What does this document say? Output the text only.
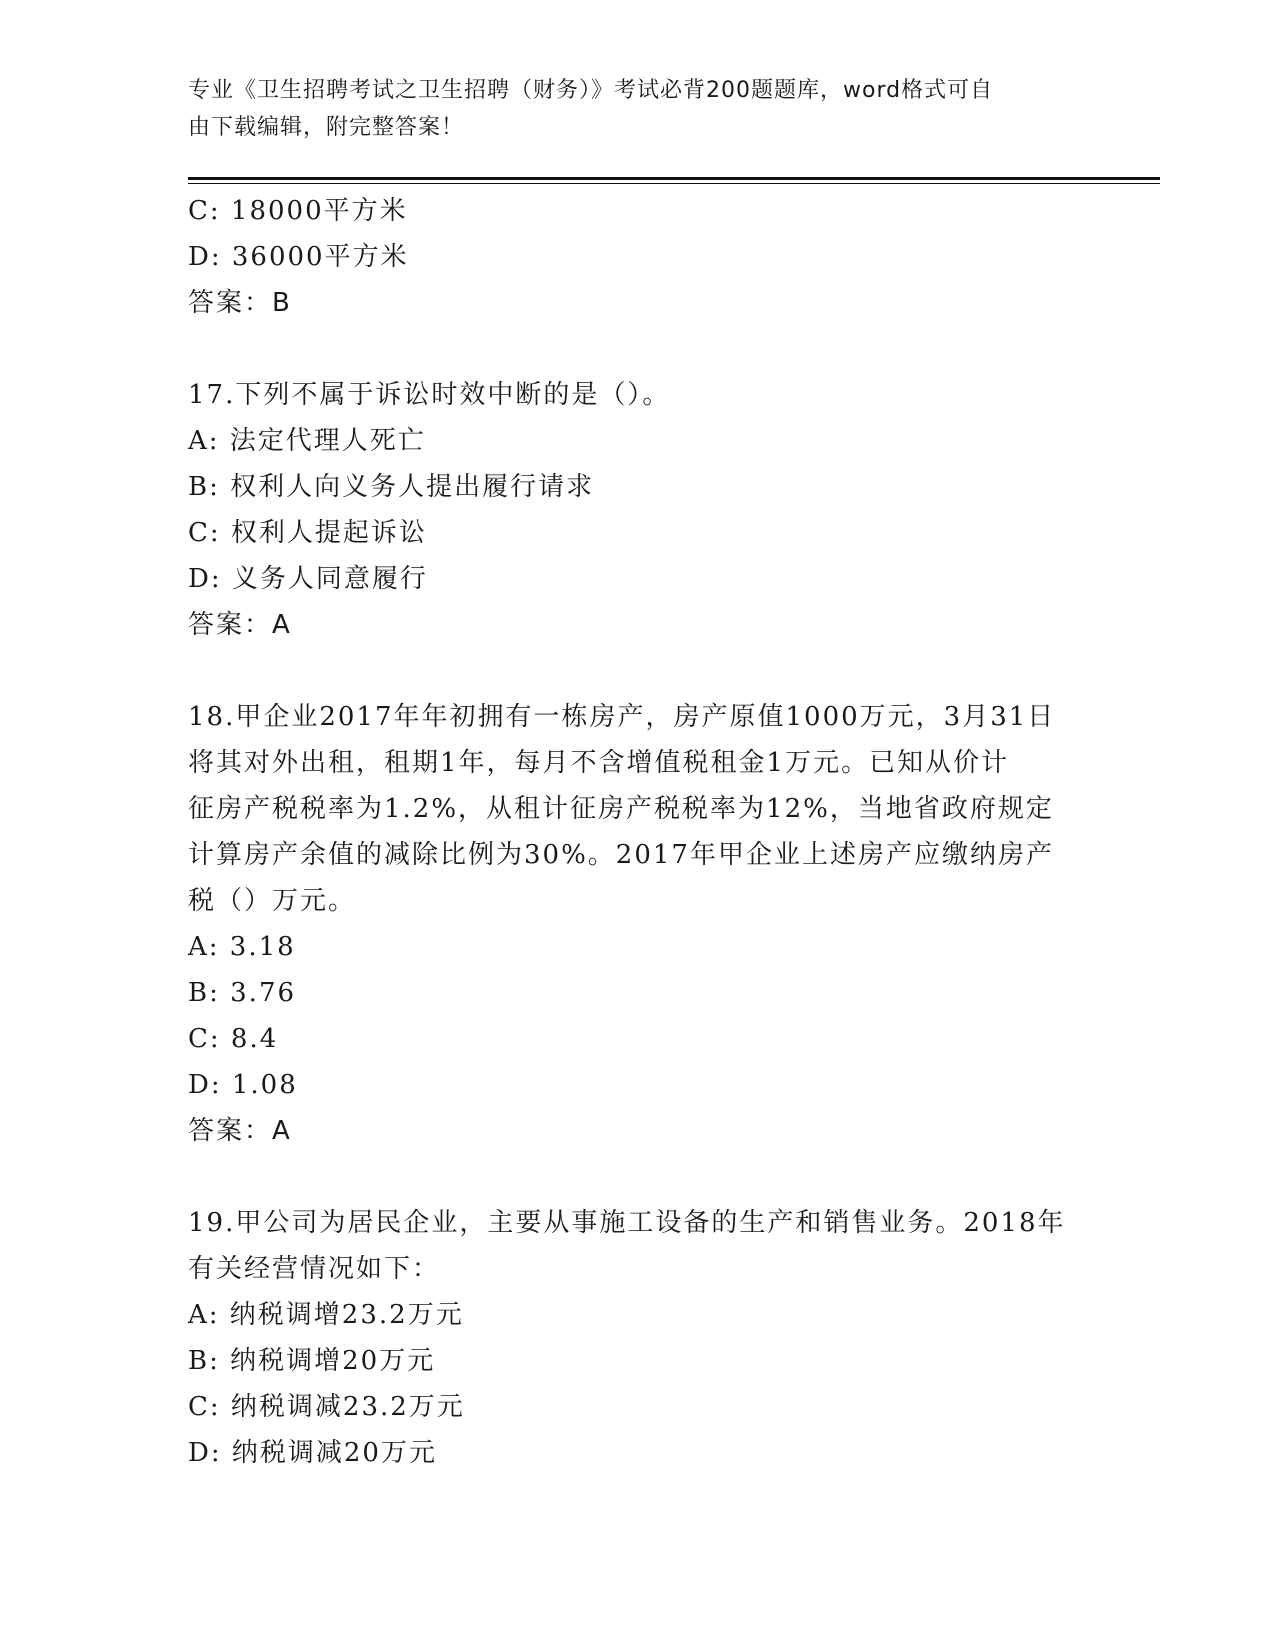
专业《卫生招聘考试之卫生招聘（财务）》考试必背200题题库，word格式可自
由下载编辑，附完整答案！
C: 18000平方米
D: 36000平方米
答案：B
17.下列不属于诉讼时效中断的是（）。
A: 法定代理人死亡
B: 权利人向义务人提出履行请求
C: 权利人提起诉讼
D: 义务人同意履行
答案：A
18.甲企业2017年年初拥有一栋房产，房产原值1000万元，3月31日
将其对外出租，租期1年，每月不含增值税租金1万元。已知从价计
征房产税税率为1.2%，从租计征房产税税率为12%，当地省政府规定
计算房产余值的减除比例为30%。2017年甲企业上述房产应缴纳房产
税（）万元。
A: 3.18
B: 3.76
C: 8.4
D: 1.08
答案：A
19.甲公司为居民企业，主要从事施工设备的生产和销售业务。2018年
有关经营情况如下：
A: 纳税调增23.2万元
B: 纳税调增20万元
C: 纳税调减23.2万元
D: 纳税调减20万元
